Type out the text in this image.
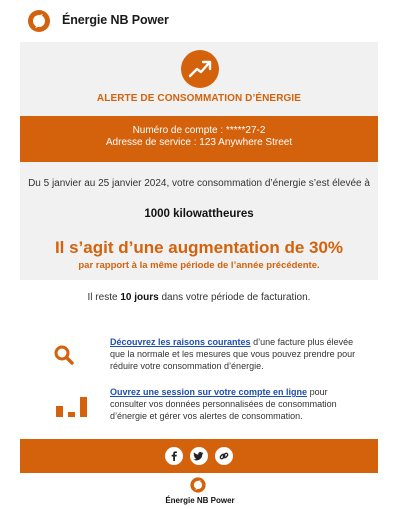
Énergie NB Power
ALERTE DE CONSOMMATION D’ÉNERGIE
Numéro de compte : *****27-2
Adresse de service : 123 Anywhere Street
Du 5 janvier au 25 janvier 2024, votre consommation d’énergie s’est élevée à
1000 kilowattheures
Il s’agit d’une augmentation de 30%
par rapport à la même période de l’année précédente.
Il reste 10 jours dans votre période de facturation.
Découvrez les raisons courantes d’une facture plus élevée que la normale et les mesures que vous pouvez prendre pour réduire votre consommation d’énergie.
Ouvrez une session sur votre compte en ligne pour consulter vos données personnalisées de consommation d’énergie et gérer vos alertes de consommation.
Énergie NB Power
